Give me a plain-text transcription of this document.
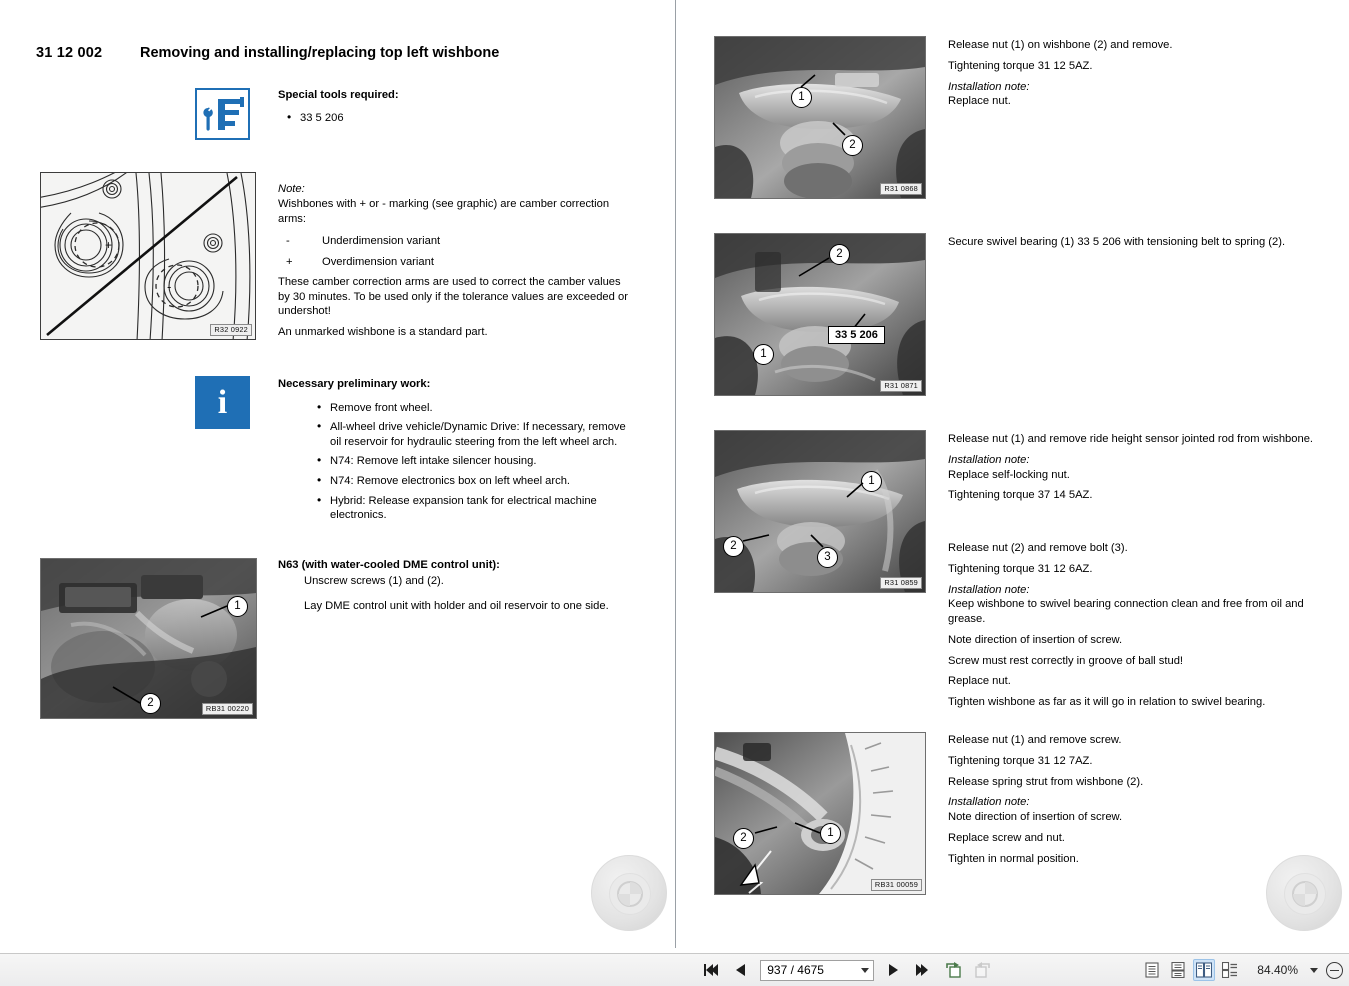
31 12 002	Removing and installing/replacing top left wishbone
Special tools required:
• 33 5 206
+
-
R32 0922
Note:
Wishbones with + or - marking (see graphic) are camber correction arms:
-	Underdimension variant
+	Overdimension variant
These camber correction arms are used to correct the camber values by 30 minutes. To be used only if the tolerance values are exceeded or undershot!
An unmarked wishbone is a standard part.
i	Necessary preliminary work:
• Remove front wheel.
• All-wheel drive vehicle/Dynamic Drive: If necessary, remove oil reservoir for hydraulic steering from the left wheel arch.
• N74: Remove left intake silencer housing.
• N74: Remove electronics box on left wheel arch.
• Hybrid: Release expansion tank for electrical machine electronics.
1
2	RB31 00220
N63 (with water-cooled DME control unit):
Unscrew screws (1) and (2).
Lay DME control unit with holder and oil reservoir to one side.
1
2
R31 0868
Release nut (1) on wishbone (2) and remove.
Tightening torque 31 12 5AZ.
Installation note:
Replace nut.
2
1
33 5 206
R31 0871
Secure swivel bearing (1) 33 5 206 with tensioning belt to spring (2).
1
2
3
R31 0859
Release nut (1) and remove ride height sensor jointed rod from wishbone.
Installation note:
Replace self-locking nut.
Tightening torque 37 14 5AZ.
Release nut (2) and remove bolt (3).
Tightening torque 31 12 6AZ.
Installation note:
Keep wishbone to swivel bearing connection clean and free from oil and grease.
Note direction of insertion of screw.
Screw must rest correctly in groove of ball stud!
Replace nut.
Tighten wishbone as far as it will go in relation to swivel bearing.
1
2
RB31 00059
Release nut (1) and remove screw.
Tightening torque 31 12 7AZ.
Release spring strut from wishbone (2).
Installation note:
Note direction of insertion of screw.
Replace screw and nut.
Tighten in normal position.
937 / 4675
84.40%
